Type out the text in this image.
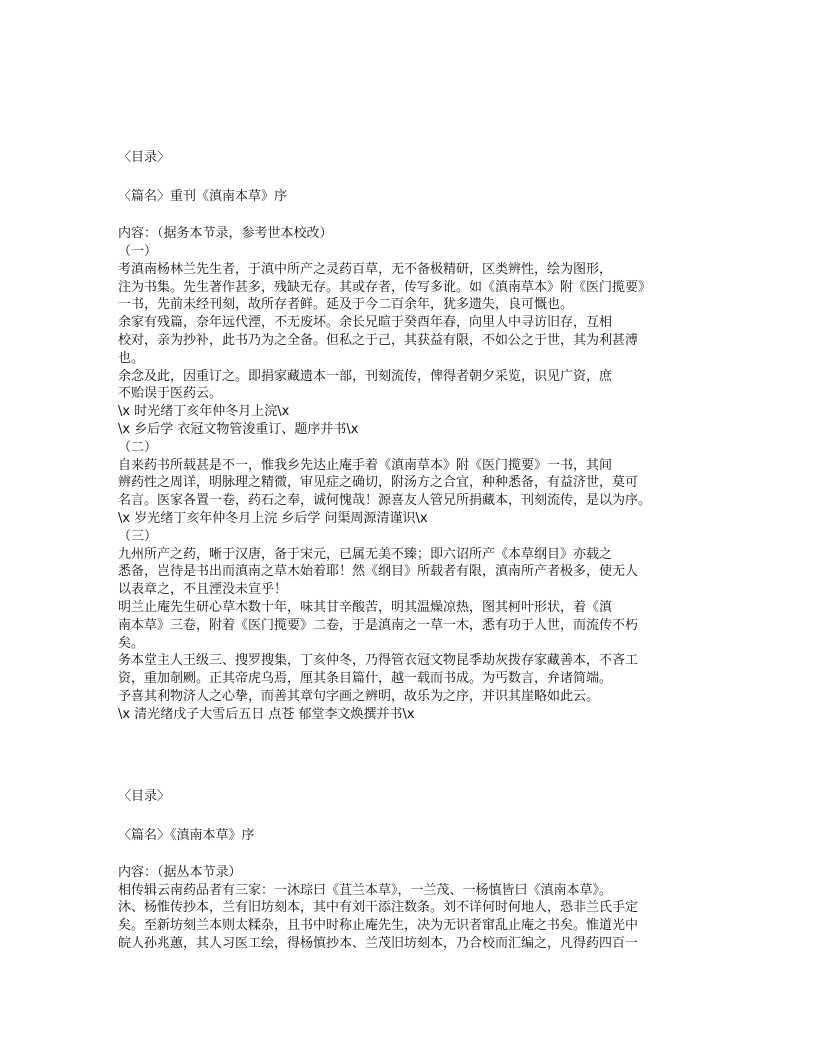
〈目录〉
〈篇名〉重刊《滇南本草》序
内容：（据务本节录，参考世本校改）
（一）
考滇南杨林兰先生者，于滇中所产之灵药百草，无不备极精研，区类辨性，绘为图形，
注为书集。先生著作甚多，残缺无存。其或存者，传写多讹。如《滇南草本》附《医门揽要》
一书，先前未经刊刻，故所存者鲜。延及于今二百余年，犹多遗失，良可慨也。
余家有残篇，奈年远代湮，不无废坏。余长兄暄于癸酉年春，向里人中寻访旧存，互相
校对，亲为抄补，此书乃为之全备。但私之于己，其获益有限，不如公之于世，其为利甚溥
也。
余念及此，因重订之。即捐家藏遗本一部，刊刻流传，俾得者朝夕采览，识见广资，庶
不贻误于医药云。
\x 时光绪丁亥年仲冬月上浣\x
\x 乡后学 衣冠文物管浚重订、题序并书\x
（二）
自来药书所载甚是不一，惟我乡先达止庵手着《滇南草本》附《医门揽要》一书，其间
辨药性之周详，明脉理之精微，审见症之确切，附汤方之合宜，种种悉备，有益济世，莫可
名言。医家各置一卷，药石之奉，诚何愧哉！源喜友人管兄所捐藏本，刊刻流传，是以为序。
\x 岁光绪丁亥年仲冬月上浣 乡后学 问渠周源清谨识\x
（三）
九州所产之药，晰于汉唐，备于宋元，已属无美不臻；即六诏所产《本草纲目》亦载之
悉备，岂待是书出而滇南之草木始着耶！然《纲目》所载者有限，滇南所产者极多，使无人
以表章之，不且湮没未宣乎！
明兰止庵先生研心草木数十年，味其甘辛酸苦，明其温燥凉热，图其柯叶形状，着《滇
南本草》三卷，附着《医门揽要》二卷，于是滇南之一草一木，悉有功于人世，而流传不朽
矣。
务本堂主人王级三、搜罗搜集，丁亥仲冬，乃得管衣冠文物昆季劫灰拨存家藏善本，不吝工
资，重加剞劂。正其帝虎乌焉，厘其条目篇什，越一载而书成。为丐数言，弁诸简端。
予喜其利物济人之心挚，而善其章句字画之辨明，故乐为之序，并识其崖略如此云。
\x 清光绪戊子大雪后五日 点苍 郁堂李文焕撰并书\x
〈目录〉
〈篇名〉《滇南本草》序
内容：（据丛本节录）
相传辑云南药品者有三家：一沐琮曰《苴兰本草》，一兰茂、一杨慎皆曰《滇南本草》。
沐、杨惟传抄本，兰有旧坊刻本，其中有刘干添注数条。刘不详何时何地人，恐非兰氏手定
矣。至新坊刻兰本则太糅杂，且书中时称止庵先生，决为无识者窜乱止庵之书矣。惟道光中
皖人孙兆蕙，其人习医工绘，得杨慎抄本、兰茂旧坊刻本，乃合校而汇编之，凡得药四百一
